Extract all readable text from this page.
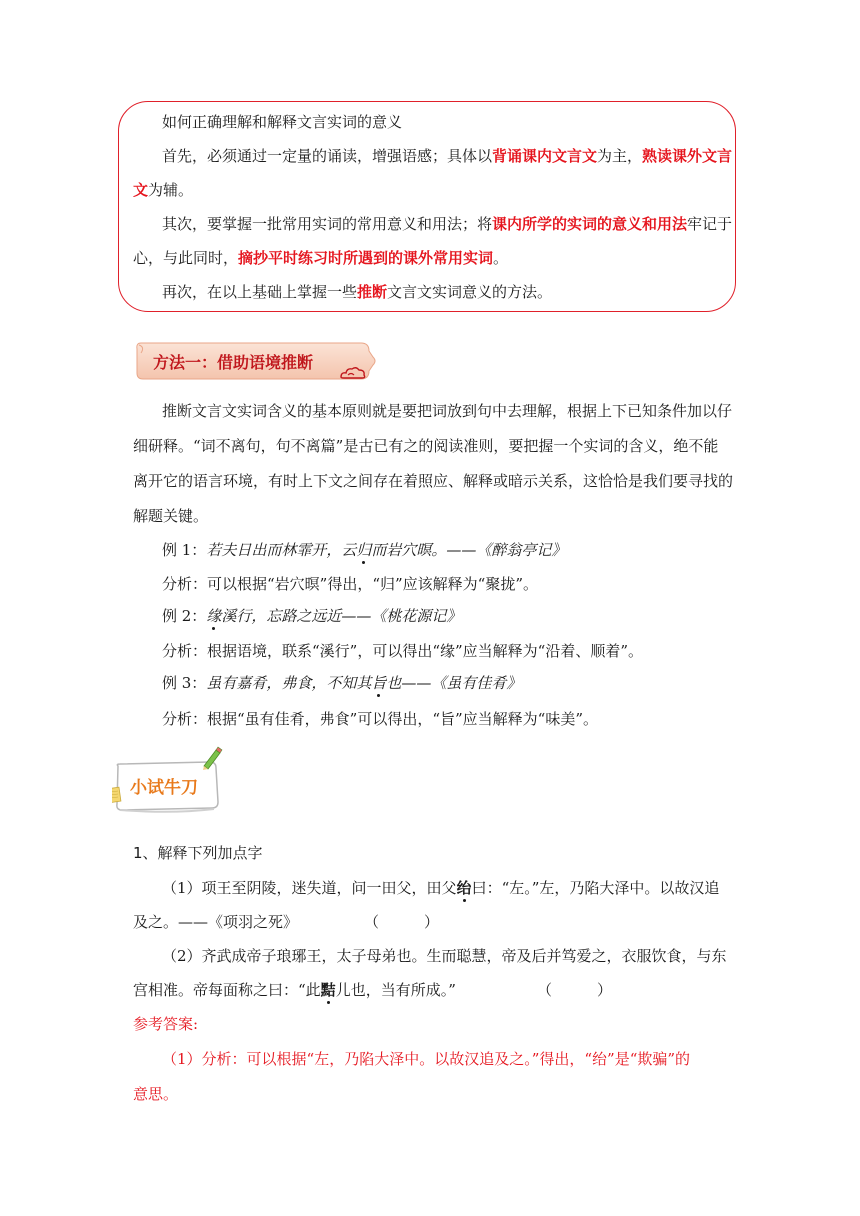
如何正确理解和解释文言实词的意义
首先，必须通过一定量的诵读，增强语感；具体以背诵课内文言文为主，熟读课外文言
文为辅。
其次，要掌握一批常用实词的常用意义和用法；将课内所学的实词的意义和用法牢记于
心，与此同时，摘抄平时练习时所遇到的课外常用实词。
再次，在以上基础上掌握一些推断文言文实词意义的方法。
方法一：借助语境推断
推断文言文实词含义的基本原则就是要把词放到句中去理解，根据上下已知条件加以仔
细研释。“词不离句，句不离篇”是古已有之的阅读准则，要把握一个实词的含义，绝不能
离开它的语言环境，有时上下文之间存在着照应、解释或暗示关系，这恰恰是我们要寻找的
解题关键。
例 1：若夫日出而林霏开，云归而岩穴暝。——《醉翁亭记》
分析：可以根据“岩穴暝”得出，“归”应该解释为“聚拢”。
例 2：缘溪行，忘路之远近——《桃花源记》
分析：根据语境，联系“溪行”，可以得出“缘”应当解释为“沿着、顺着”。
例 3：虽有嘉肴，弗食，不知其旨也——《虽有佳肴》
分析：根据“虽有佳肴，弗食”可以得出，“旨”应当解释为“味美”。
小试牛刀
1、解释下列加点字
（1）项王至阴陵，迷失道，问一田父，田父绐曰：“左。”左，乃陷大泽中。以故汉追
及之。——《项羽之死》	（　　　）
（2）齐武成帝子琅琊王，太子母弟也。生而聪慧，帝及后并笃爱之，衣服饮食，与东
宫相准。帝每面称之曰：“此黠儿也，当有所成。”	（　　　）
参考答案:
（1）分析：可以根据“左，乃陷大泽中。以故汉追及之。”得出，“绐”是“欺骗”的
意思。
